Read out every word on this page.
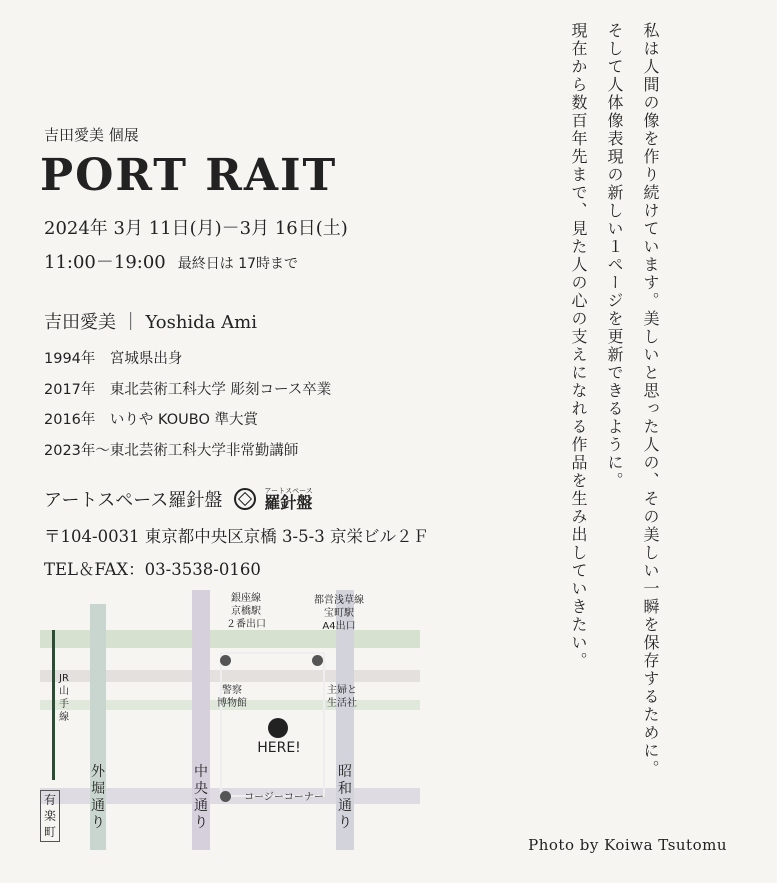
吉田愛美 個展
PORT RAIT
2024年 3月 11日(月)－3月 16日(土)
11:00－19:00 最終日は 17時まで
吉田愛美 ｜ Yoshida Ami
1994年　宮城県出身
2017年　東北芸術工科大学 彫刻コース卒業
2016年　いりや KOUBO 準大賞
2023年～東北芸術工科大学非常勤講師
アートスペース羅針盤	アートスペース
羅針盤
〒104-0031 東京都中央区京橋 3-5-3 京栄ビル２Ｆ
TEL＆FAX：03-3538-0160
銀座線
京橋駅
２番出口
都営浅草線
宝町駅
A4出口
警察
博物館
主婦と
生活社
HERE!
コージーコーナー
JR山手線
有楽町
外堀通り
中央通り
昭和通り
私は人間の像を作り続けています。美しいと思った人の、その美しい一瞬を保存するために。
そして人体像表現の新しい１ページを更新できるように。
現在から数百年先まで、見た人の心の支えになれる作品を生み出していきたい。
Photo by Koiwa Tsutomu
